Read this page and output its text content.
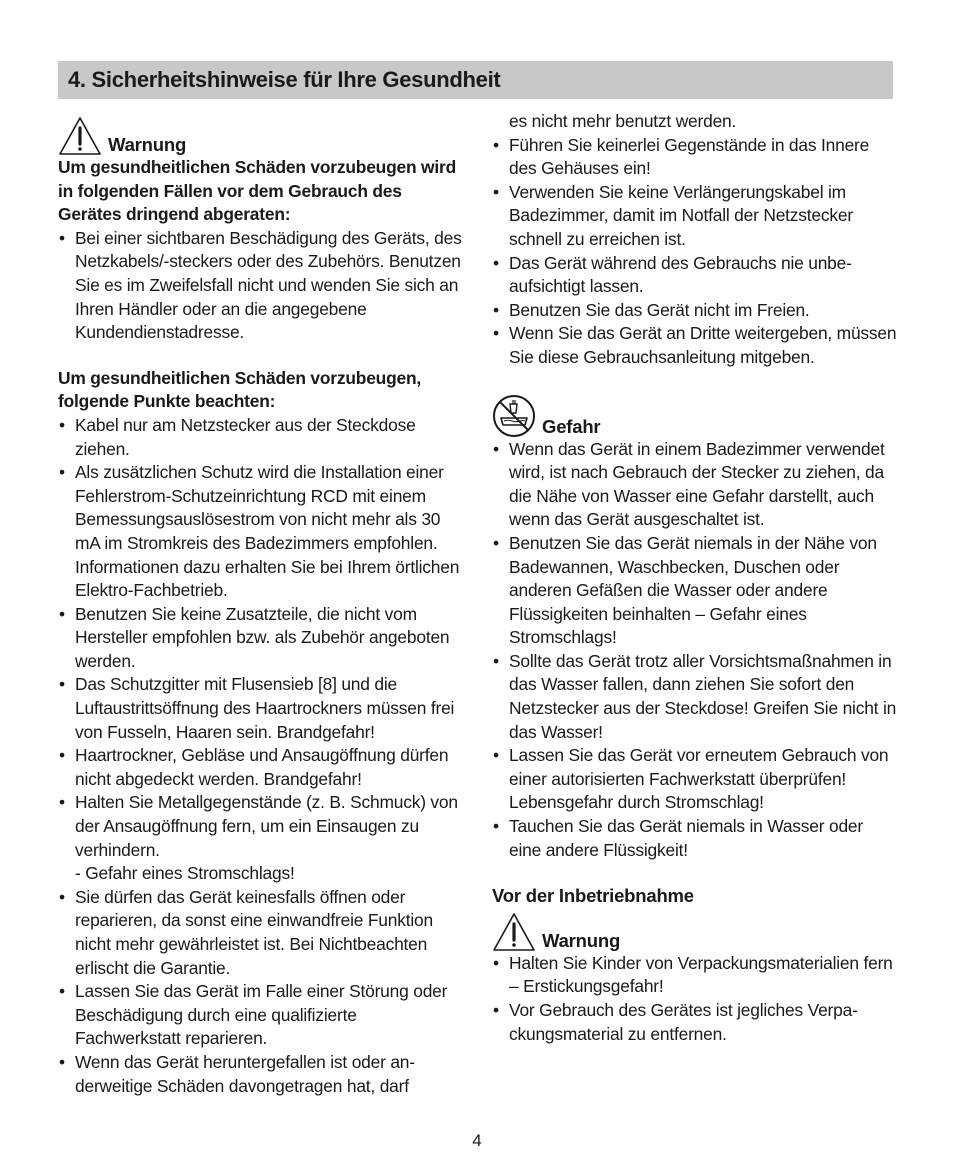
4. Sicherheitshinweise für Ihre Gesundheit
Warnung
Um gesundheitlichen Schäden vorzubeugen wird in folgenden Fällen vor dem Gebrauch des Gerätes dringend abgeraten:
• Bei einer sichtbaren Beschädigung des Geräts, des Netzkabels/-steckers oder des Zubehörs. Benutzen Sie es im Zweifelsfall nicht und wenden Sie sich an Ihren Händler oder an die angegebene Kundendienstadresse.
Um gesundheitlichen Schäden vorzubeugen, folgende Punkte beachten:
• Kabel nur am Netzstecker aus der Steckdose ziehen.
• Als zusätzlichen Schutz wird die Installation einer Fehlerstrom-Schutzeinrichtung RCD mit einem Bemessungsauslösestrom von nicht mehr als 30 mA im Stromkreis des Badezimmers empfohlen. Informationen dazu erhalten Sie bei Ihrem örtlichen Elektro-Fachbetrieb.
• Benutzen Sie keine Zusatzteile, die nicht vom Hersteller empfohlen bzw. als Zubehör angeboten werden.
• Das Schutzgitter mit Flusensieb [8] und die Luftaustrittsöffnung des Haartrockners müssen frei von Fusseln, Haaren sein. Brandgefahr!
• Haartrockner, Gebläse und Ansaugöffnung dürfen nicht abgedeckt werden. Brandgefahr!
• Halten Sie Metallgegenstände (z. B. Schmuck) von der Ansaugöffnung fern, um ein Einsaugen zu verhindern.
- Gefahr eines Stromschlags!
• Sie dürfen das Gerät keinesfalls öffnen oder reparieren, da sonst eine einwandfreie Funktion nicht mehr gewährleistet ist. Bei Nichtbeachten erlischt die Garantie.
• Lassen Sie das Gerät im Falle einer Störung oder Beschädigung durch eine qualifizierte Fachwerkstatt reparieren.
• Wenn das Gerät heruntergefallen ist oder anderweitige Schäden davongetragen hat, darf
es nicht mehr benutzt werden.
• Führen Sie keinerlei Gegenstände in das Innere des Gehäuses ein!
• Verwenden Sie keine Verlängerungskabel im Badezimmer, damit im Notfall der Netzstecker schnell zu erreichen ist.
• Das Gerät während des Gebrauchs nie unbeaufsichtigt lassen.
• Benutzen Sie das Gerät nicht im Freien.
• Wenn Sie das Gerät an Dritte weitergeben, müssen Sie diese Gebrauchsanleitung mitgeben.
Gefahr
• Wenn das Gerät in einem Badezimmer verwendet wird, ist nach Gebrauch der Stecker zu ziehen, da die Nähe von Wasser eine Gefahr darstellt, auch wenn das Gerät ausgeschaltet ist.
• Benutzen Sie das Gerät niemals in der Nähe von Badewannen, Waschbecken, Duschen oder anderen Gefäßen die Wasser oder andere Flüssigkeiten beinhalten – Gefahr eines Stromschlags!
• Sollte das Gerät trotz aller Vorsichtsmaßnahmen in das Wasser fallen, dann ziehen Sie sofort den Netzstecker aus der Steckdose! Greifen Sie nicht in das Wasser!
• Lassen Sie das Gerät vor erneutem Gebrauch von einer autorisierten Fachwerkstatt überprüfen! Lebensgefahr durch Stromschlag!
• Tauchen Sie das Gerät niemals in Wasser oder eine andere Flüssigkeit!
Vor der Inbetriebnahme
Warnung
• Halten Sie Kinder von Verpackungsmaterialien fern – Erstickungsgefahr!
• Vor Gebrauch des Gerätes ist jegliches Verpackungsmaterial zu entfernen.
4
